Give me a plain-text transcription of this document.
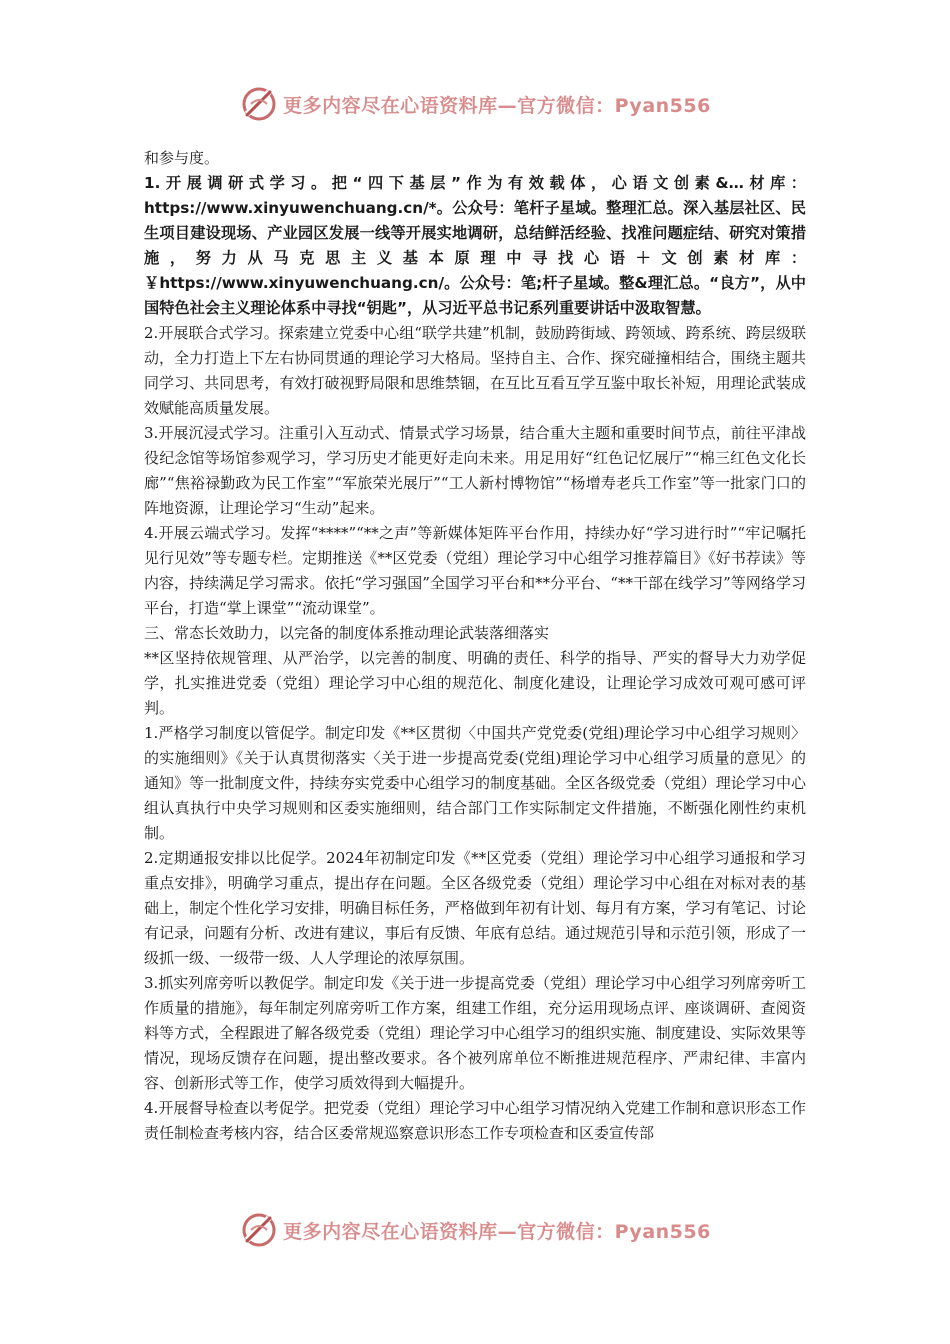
更多内容尽在心语资料库—官方微信：Pyan556

和参与度。

1.开展调研式学习。把“四下基层”作为有效载体，心语文创素&…材库：https://www.xinyuwenchuang.cn/*。公众号：笔杆子星域。整理汇总。深入基层社区、民生项目建设现场、产业园区发展一线等开展实地调研，总结鲜活经验、找准问题症结、研究对策措施，努力从马克思主义基本原理中寻找心语＋文创素材库：￥https://www.xinyuwenchuang.cn/。公众号：笔;杆子星域。整&理汇总。“良方”，从中国特色社会主义理论体系中寻找“钥匙”，从习近平总书记系列重要讲话中汲取智慧。

2.开展联合式学习。探索建立党委中心组“联学共建”机制，鼓励跨街域、跨领域、跨系统、跨层级联动，全力打造上下左右协同贯通的理论学习大格局。坚持自主、合作、探究碰撞相结合，围绕主题共同学习、共同思考，有效打破视野局限和思维禁锢，在互比互看互学互鉴中取长补短，用理论武装成效赋能高质量发展。

3.开展沉浸式学习。注重引入互动式、情景式学习场景，结合重大主题和重要时间节点，前往平津战役纪念馆等场馆参观学习，学习历史才能更好走向未来。用足用好“红色记忆展厅”“棉三红色文化长廊”“焦裕禄勤政为民工作室”“军旅荣光展厅”“工人新村博物馆”“杨增寿老兵工作室”等一批家门口的阵地资源，让理论学习“生动”起来。

4.开展云端式学习。发挥“****”“**之声”等新媒体矩阵平台作用，持续办好“学习进行时”“牢记嘱托见行见效”等专题专栏。定期推送《**区党委（党组）理论学习中心组学习推荐篇目》《好书荐读》等内容，持续满足学习需求。依托“学习强国”全国学习平台和**分平台、“**干部在线学习”等网络学习平台，打造“掌上课堂”“流动课堂”。

三、常态长效助力，以完备的制度体系推动理论武装落细落实

**区坚持依规管理、从严治学，以完善的制度、明确的责任、科学的指导、严实的督导大力劝学促学，扎实推进党委（党组）理论学习中心组的规范化、制度化建设，让理论学习成效可观可感可评判。

1.严格学习制度以管促学。制定印发《**区贯彻〈中国共产党党委(党组)理论学习中心组学习规则〉的实施细则》《关于认真贯彻落实〈关于进一步提高党委(党组)理论学习中心组学习质量的意见〉的通知》等一批制度文件，持续夯实党委中心组学习的制度基础。全区各级党委（党组）理论学习中心组认真执行中央学习规则和区委实施细则，结合部门工作实际制定文件措施，不断强化刚性约束机制。

2.定期通报安排以比促学。2024年初制定印发《**区党委（党组）理论学习中心组学习通报和学习重点安排》，明确学习重点，提出存在问题。全区各级党委（党组）理论学习中心组在对标对表的基础上，制定个性化学习安排，明确目标任务，严格做到年初有计划、每月有方案，学习有笔记、讨论有记录，问题有分析、改进有建议，事后有反馈、年底有总结。通过规范引导和示范引领，形成了一级抓一级、一级带一级、人人学理论的浓厚氛围。

3.抓实列席旁听以教促学。制定印发《关于进一步提高党委（党组）理论学习中心组学习列席旁听工作质量的措施》，每年制定列席旁听工作方案，组建工作组，充分运用现场点评、座谈调研、查阅资料等方式，全程跟进了解各级党委（党组）理论学习中心组学习的组织实施、制度建设、实际效果等情况，现场反馈存在问题，提出整改要求。各个被列席单位不断推进规范程序、严肃纪律、丰富内容、创新形式等工作，使学习质效得到大幅提升。

4.开展督导检查以考促学。把党委（党组）理论学习中心组学习情况纳入党建工作制和意识形态工作责任制检查考核内容，结合区委常规巡察意识形态工作专项检查和区委宣传部

更多内容尽在心语资料库—官方微信：Pyan556
